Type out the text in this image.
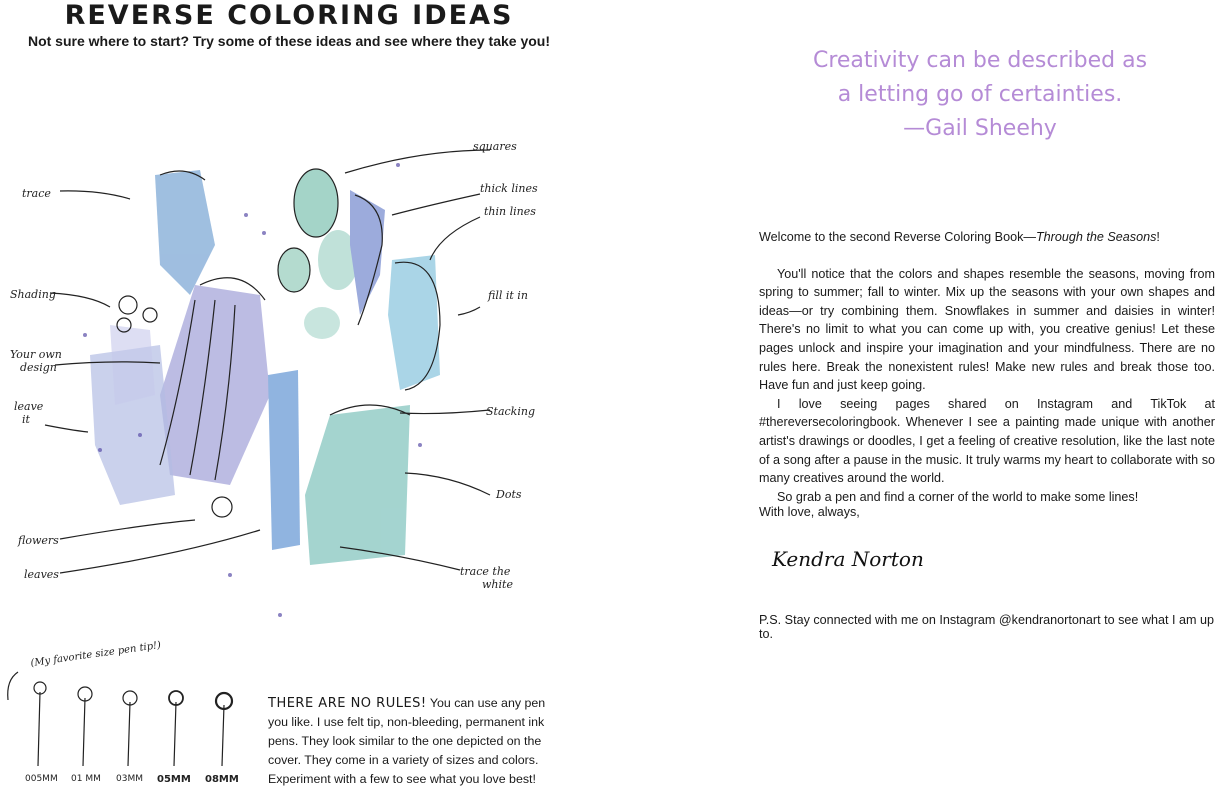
REVERSE COLORING IDEAS
Not sure where to start? Try some of these ideas and see where they take you!
squares
trace	thick lines
thin lines
Shading	fill it in
Your own
design
leave
it
Stacking
Dots
flowers
leaves	trace the
white
(My favorite size pen tip!)
005MM 01 MM 03MM 05MM 08MM
THERE ARE NO RULES! You can use any pen you like. I use felt tip, non-bleeding, permanent ink pens. They look similar to the one depicted on the cover. They come in a variety of sizes and colors. Experiment with a few to see what you love best!
Creativity can be described as
a letting go of certainties.
—Gail Sheehy

Welcome to the second Reverse Coloring Book—Through the Seasons!

You'll notice that the colors and shapes resemble the seasons, moving from spring to summer; fall to winter. Mix up the seasons with your own shapes and ideas—or try combining them. Snowflakes in summer and daisies in winter! There's no limit to what you can come up with, you creative genius! Let these pages unlock and inspire your imagination and your mindfulness. There are no rules here. Break the nonexistent rules! Make new rules and break those too. Have fun and just keep going.

I love seeing pages shared on Instagram and TikTok at #thereversecoloringbook. Whenever I see a painting made unique with another artist's drawings or doodles, I get a feeling of creative resolution, like the last note of a song after a pause in the music. It truly warms my heart to collaborate with so many creatives around the world.

So grab a pen and find a corner of the world to make some lines!

With love, always,
Kendra Norton
P.S. Stay connected with me on Instagram @kendranortonart to see what I am up to.
